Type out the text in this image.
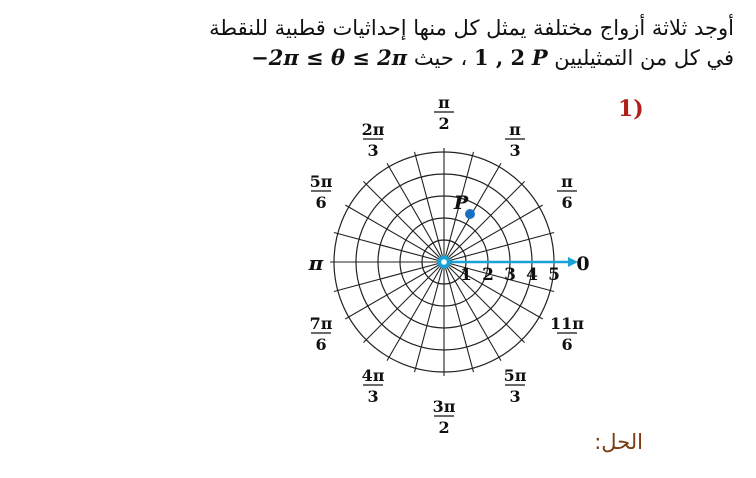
أوجد ثلاثة أزواج مختلفة يمثل كل منها إحداثيات قطبية للنقطة
في كل من التمثيليين P 1 , 2 ، حيث −2π ≤ θ ≤ 2π
1)
P
π
6
π
3
π
2
2π
3
5π
6
7π
6
4π
3
3π
2
5π
3
11π
6
1 2 3 4 5
π	0
الحل:
